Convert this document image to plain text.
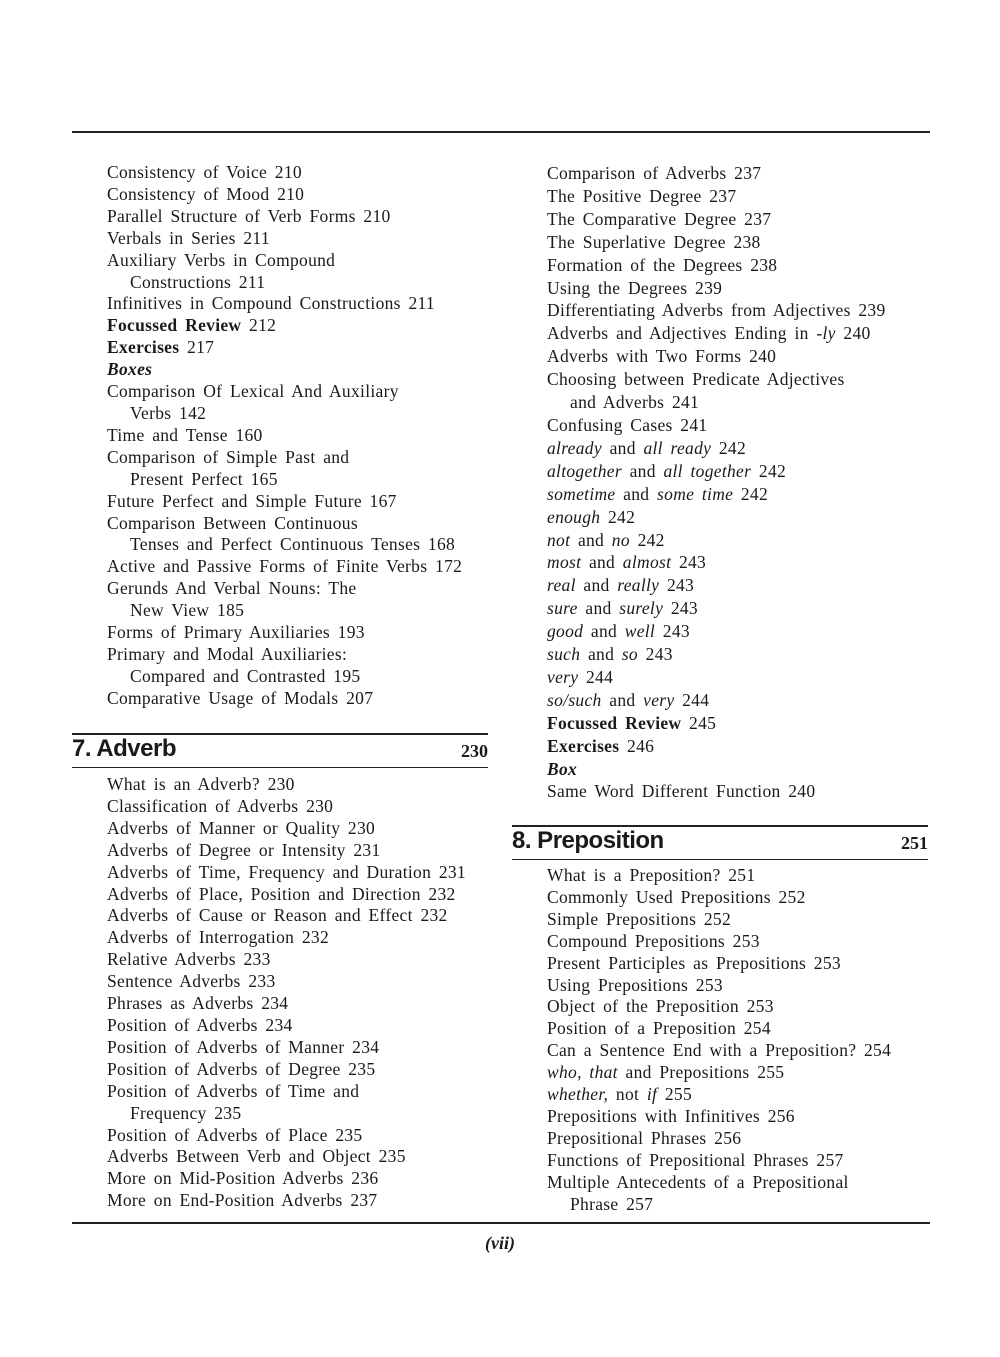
Consistency of Voice 210
Consistency of Mood 210
Parallel Structure of Verb Forms 210
Verbals in Series 211
Auxiliary Verbs in Compound
Constructions 211
Infinitives in Compound Constructions 211
Focussed Review 212
Exercises 217
Boxes
Comparison Of Lexical And Auxiliary
Verbs 142
Time and Tense 160
Comparison of Simple Past and
Present Perfect 165
Future Perfect and Simple Future 167
Comparison Between Continuous
Tenses and Perfect Continuous Tenses 168
Active and Passive Forms of Finite Verbs 172
Gerunds And Verbal Nouns: The
New View 185
Forms of Primary Auxiliaries 193
Primary and Modal Auxiliaries:
Compared and Contrasted 195
Comparative Usage of Modals 207
7. Adverb	230
What is an Adverb? 230
Classification of Adverbs 230
Adverbs of Manner or Quality 230
Adverbs of Degree or Intensity 231
Adverbs of Time, Frequency and Duration 231
Adverbs of Place, Position and Direction 232
Adverbs of Cause or Reason and Effect 232
Adverbs of Interrogation 232
Relative Adverbs 233
Sentence Adverbs 233
Phrases as Adverbs 234
Position of Adverbs 234
Position of Adverbs of Manner 234
Position of Adverbs of Degree 235
Position of Adverbs of Time and
Frequency 235
Position of Adverbs of Place 235
Adverbs Between Verb and Object 235
More on Mid-Position Adverbs 236
More on End-Position Adverbs 237
Comparison of Adverbs 237
The Positive Degree 237
The Comparative Degree 237
The Superlative Degree 238
Formation of the Degrees 238
Using the Degrees 239
Differentiating Adverbs from Adjectives 239
Adverbs and Adjectives Ending in -ly 240
Adverbs with Two Forms 240
Choosing between Predicate Adjectives
and Adverbs 241
Confusing Cases 241
already and all ready 242
altogether and all together 242
sometime and some time 242
enough 242
not and no 242
most and almost 243
real and really 243
sure and surely 243
good and well 243
such and so 243
very 244
so/such and very 244
Focussed Review 245
Exercises 246
Box
Same Word Different Function 240
8. Preposition	251
What is a Preposition? 251
Commonly Used Prepositions 252
Simple Prepositions 252
Compound Prepositions 253
Present Participles as Prepositions 253
Using Prepositions 253
Object of the Preposition 253
Position of a Preposition 254
Can a Sentence End with a Preposition? 254
who, that and Prepositions 255
whether, not if 255
Prepositions with Infinitives 256
Prepositional Phrases 256
Functions of Prepositional Phrases 257
Multiple Antecedents of a Prepositional
Phrase 257
(vii)
